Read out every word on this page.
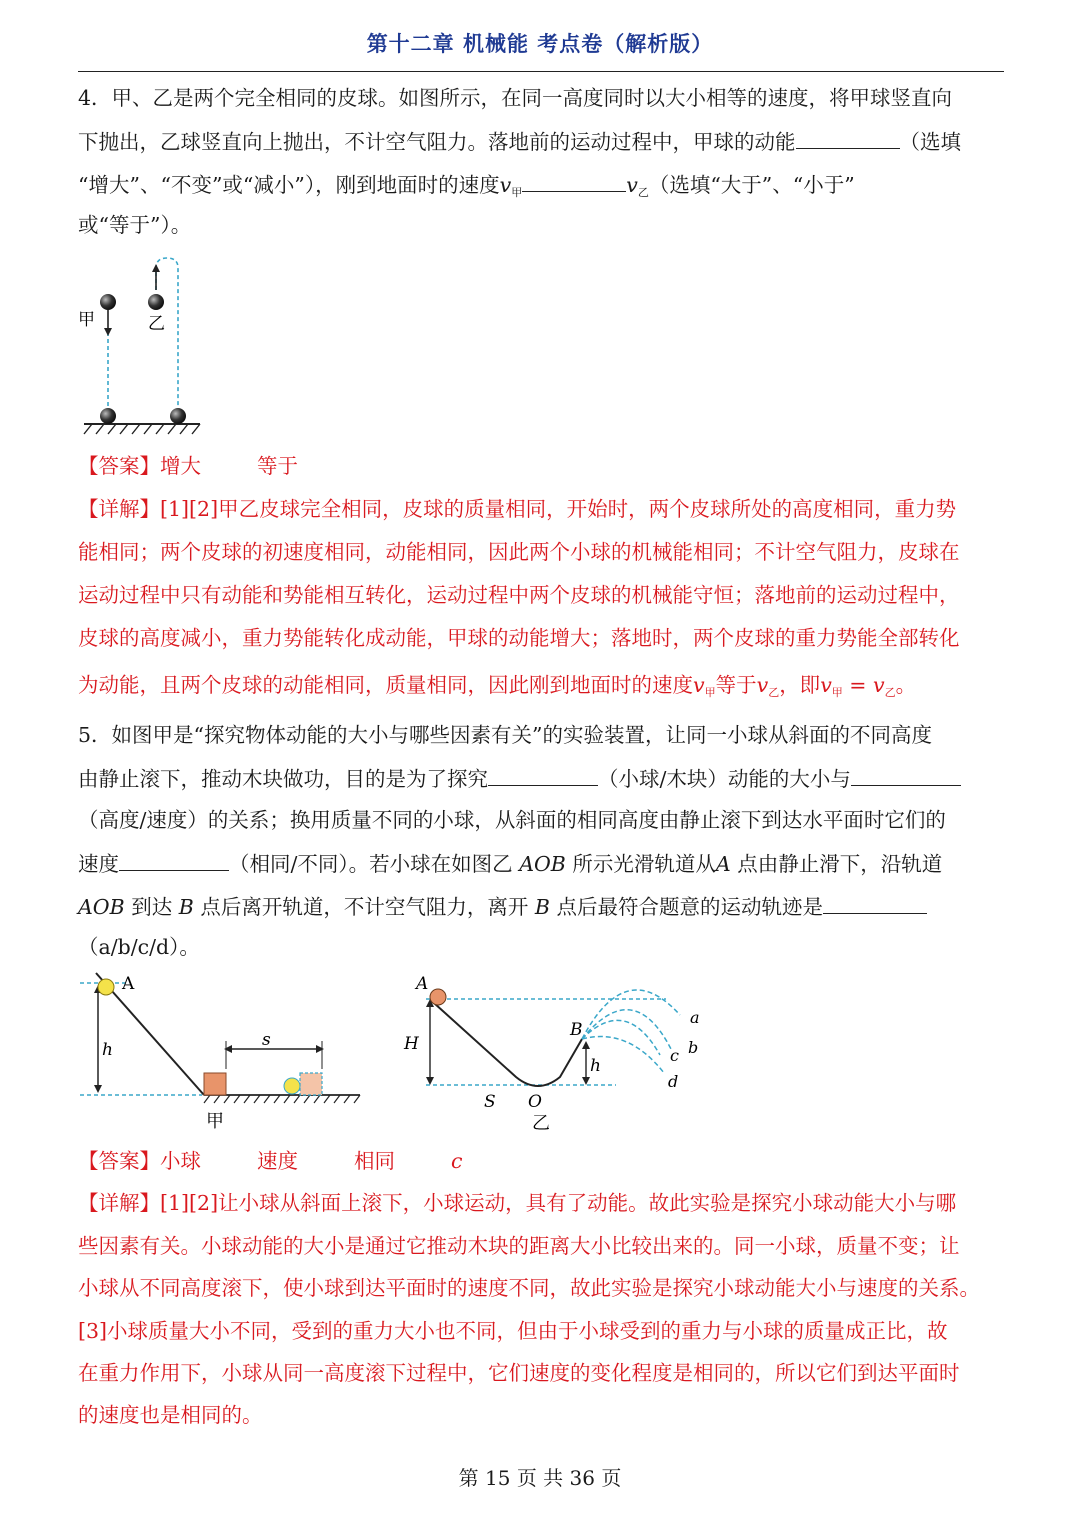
第十二章 机械能 考点卷（解析版）
4．甲、乙是两个完全相同的皮球。如图所示，在同一高度同时以大小相等的速度，将甲球竖直向
下抛出，乙球竖直向上抛出，不计空气阻力。落地前的运动过程中，甲球的动能	（选填
“增大”、“不变”或“减小”），刚到地面时的速度$v_甲$	$v_乙$（选填“大于”、“小于”
或“等于”）。
甲	乙
【答案】增大	等于
【详解】[1][2]甲乙皮球完全相同，皮球的质量相同，开始时，两个皮球所处的高度相同，重力势
能相同；两个皮球的初速度相同，动能相同，因此两个小球的机械能相同；不计空气阻力，皮球在
运动过程中只有动能和势能相互转化，运动过程中两个皮球的机械能守恒；落地前的运动过程中，
皮球的高度减小，重力势能转化成动能，甲球的动能增大；落地时，两个皮球的重力势能全部转化
为动能，且两个皮球的动能相同，质量相同，因此刚到地面时的速度$v_甲$等于$v_乙$，即$v_甲 = v_乙$。
5．如图甲是“探究物体动能的大小与哪些因素有关”的实验装置，让同一小球从斜面的不同高度
由静止滚下，推动木块做功，目的是为了探究	（小球/木块）动能的大小与
（高度/速度）的关系；换用质量不同的小球，从斜面的相同高度由静止滚下到达水平面时它们的
速度	（相同/不同）。若小球在如图乙 AOB 所示光滑轨道从A 点由静止滑下，沿轨道
AOB 到达 B 点后离开轨道，不计空气阻力，离开 B 点后最符合题意的运动轨迹是
（a/b/c/d）。
A
h	s
甲
A
B
H
h
S O
乙
a
b
c
d
【答案】小球	速度	相同	c
【详解】[1][2]让小球从斜面上滚下，小球运动，具有了动能。故此实验是探究小球动能大小与哪
些因素有关。小球动能的大小是通过它推动木块的距离大小比较出来的。同一小球，质量不变；让
小球从不同高度滚下，使小球到达平面时的速度不同，故此实验是探究小球动能大小与速度的关系。
[3]小球质量大小不同，受到的重力大小也不同，但由于小球受到的重力与小球的质量成正比，故
在重力作用下，小球从同一高度滚下过程中，它们速度的变化程度是相同的，所以它们到达平面时
的速度也是相同的。
第 15 页 共 36 页
